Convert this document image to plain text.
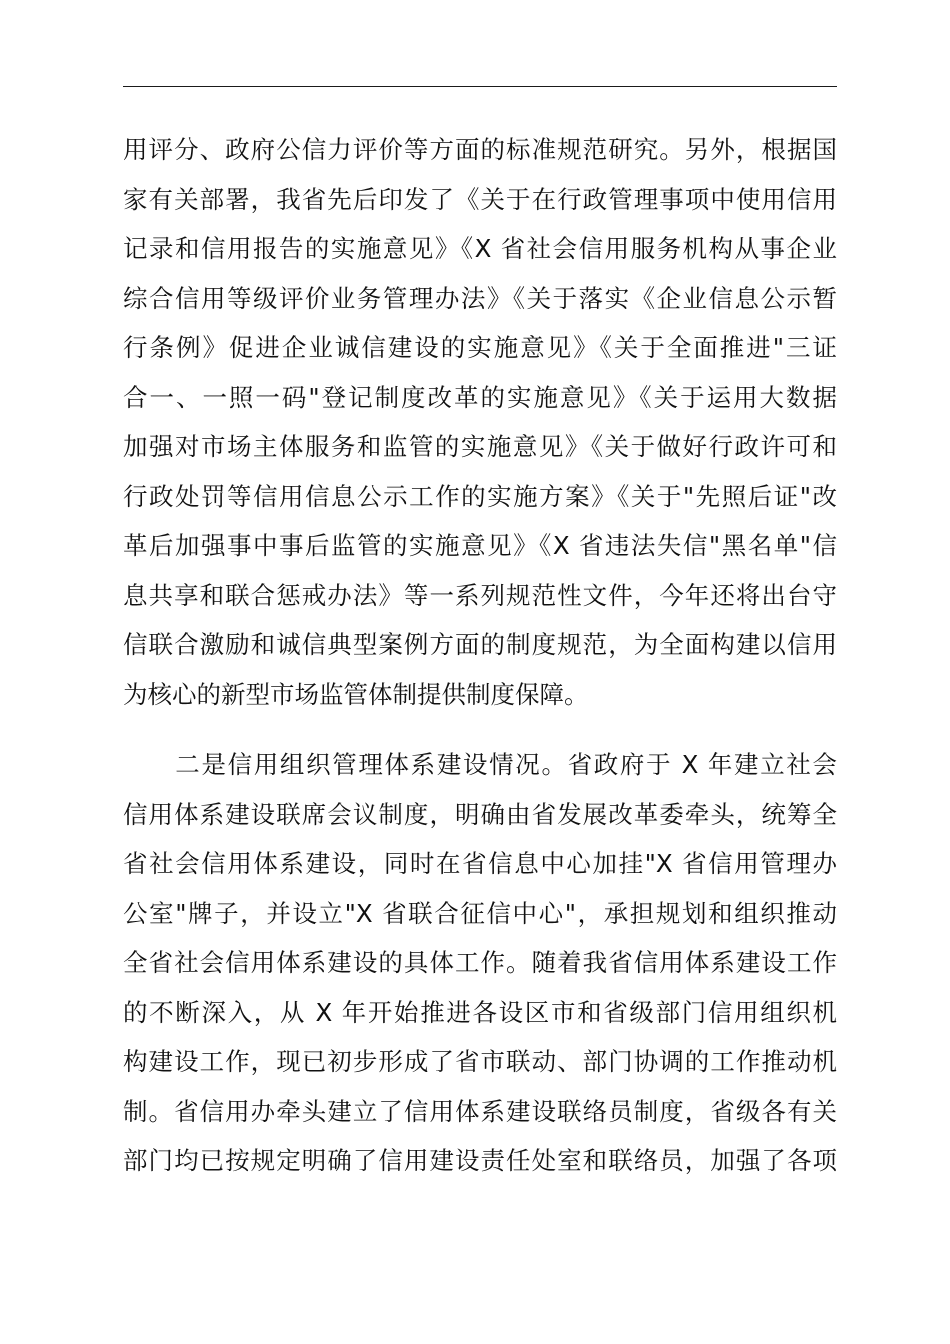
用评分、政府公信力评价等方面的标准规范研究。另外，根据国
家有关部署，我省先后印发了《关于在行政管理事项中使用信用
记录和信用报告的实施意见》《X 省社会信用服务机构从事企业
综合信用等级评价业务管理办法》《关于落实《企业信息公示暂
行条例》促进企业诚信建设的实施意见》《关于全面推进"三证
合一、一照一码"登记制度改革的实施意见》《关于运用大数据
加强对市场主体服务和监管的实施意见》《关于做好行政许可和
行政处罚等信用信息公示工作的实施方案》《关于"先照后证"改
革后加强事中事后监管的实施意见》《X 省违法失信"黑名单"信
息共享和联合惩戒办法》等一系列规范性文件，今年还将出台守
信联合激励和诚信典型案例方面的制度规范，为全面构建以信用
为核心的新型市场监管体制提供制度保障。
　　二是信用组织管理体系建设情况。省政府于 X 年建立社会
信用体系建设联席会议制度，明确由省发展改革委牵头，统筹全
省社会信用体系建设，同时在省信息中心加挂"X 省信用管理办
公室"牌子，并设立"X 省联合征信中心"，承担规划和组织推动
全省社会信用体系建设的具体工作。随着我省信用体系建设工作
的不断深入，从 X 年开始推进各设区市和省级部门信用组织机
构建设工作，现已初步形成了省市联动、部门协调的工作推动机
制。省信用办牵头建立了信用体系建设联络员制度，省级各有关
部门均已按规定明确了信用建设责任处室和联络员，加强了各项
